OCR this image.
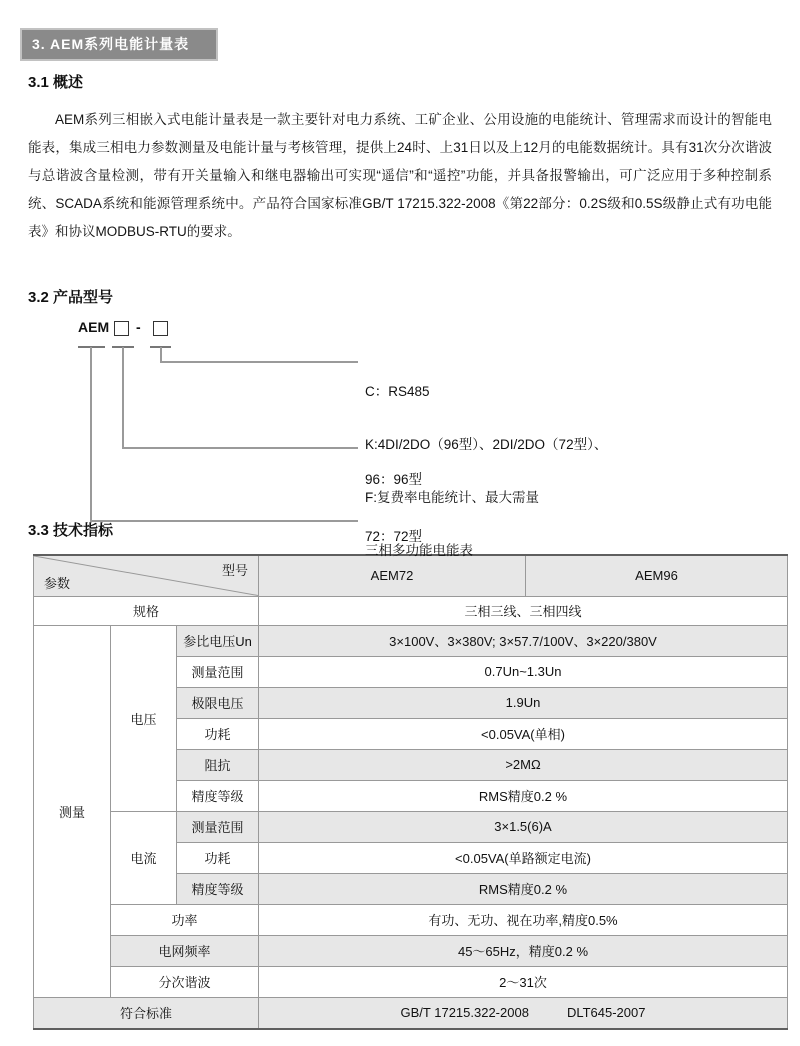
3. AEM系列电能计量表
3.1 概述

AEM系列三相嵌入式电能计量表是一款主要针对电力系统、工矿企业、公用设施的电能统计、管理需求而设计的智能电能表，集成三相电力参数测量及电能计量与考核管理，提供上24时、上31日以及上12月的电能数据统计。具有31次分次谐波与总谐波含量检测，带有开关量输入和继电器输出可实现“遥信”和“遥控”功能，并具备报警输出，可广泛应用于多种控制系统、SCADA系统和能源管理系统中。产品符合国家标准GB/T 17215.322-2008《第22部分：0.2S级和0.5S级静止式有功电能表》和协议MODBUS-RTU的要求。

3.2 产品型号
AEM -

C：RS485

K:4DI/2DO（96型）、2DI/2DO（72型）、

F:复费率电能统计、最大需量

96：96型

72：72型

三相多功能电能表

3.3 技术指标
型号
参数			AEM72	AEM96
规格			三相三线、三相四线	
测量	电压	参比电压Un	3×100V、3×380V; 3×57.7/100V、3×220/380V	
		测量范围	0.7Un~1.3Un	
		极限电压	1.9Un	
		功耗	<0.05VA(单相)	
		阻抗	>2MΩ	
		精度等级	RMS精度0.2 %	
	电流	测量范围	3×1.5(6)A	
		功耗	<0.05VA(单路额定电流)	
		精度等级	RMS精度0.2 %	
	功率		有功、无功、视在功率,精度0.5%	
	电网频率		45～65Hz，精度0.2 %	
	分次谐波		2～31次	
符合标准			GB/T 17215.322-2008 DLT645-2007	
